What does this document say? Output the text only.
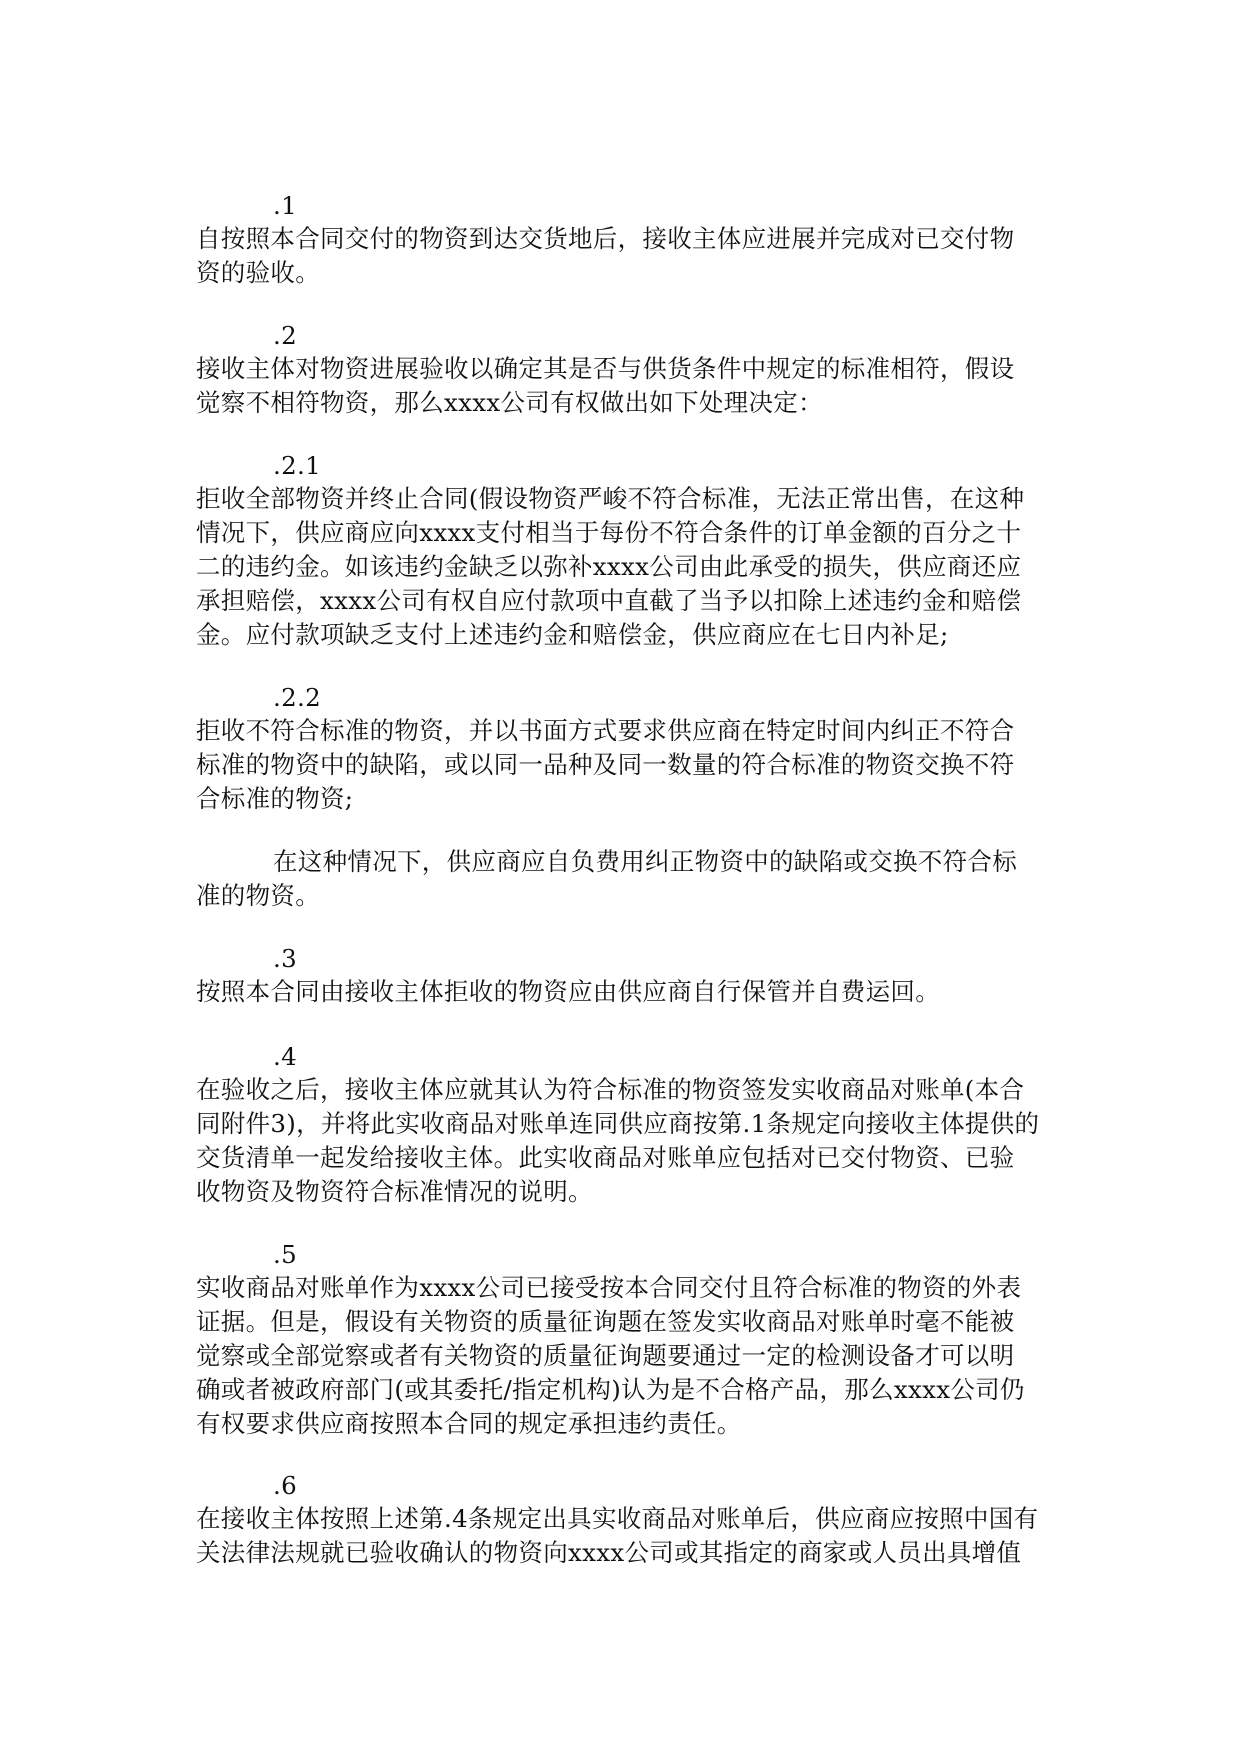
.1
自按照本合同交付的物资到达交货地后，接收主体应进展并完成对已交付物
资的验收。
.2
接收主体对物资进展验收以确定其是否与供货条件中规定的标准相符，假设
觉察不相符物资，那么xxxx公司有权做出如下处理决定：
.2.1
拒收全部物资并终止合同(假设物资严峻不符合标准，无法正常出售，在这种
情况下，供应商应向xxxx支付相当于每份不符合条件的订单金额的百分之十
二的违约金。如该违约金缺乏以弥补xxxx公司由此承受的损失，供应商还应
承担赔偿，xxxx公司有权自应付款项中直截了当予以扣除上述违约金和赔偿
金。应付款项缺乏支付上述违约金和赔偿金，供应商应在七日内补足;
.2.2
拒收不符合标准的物资，并以书面方式要求供应商在特定时间内纠正不符合
标准的物资中的缺陷，或以同一品种及同一数量的符合标准的物资交换不符
合标准的物资;
在这种情况下，供应商应自负费用纠正物资中的缺陷或交换不符合标
准的物资。
.3
按照本合同由接收主体拒收的物资应由供应商自行保管并自费运回。
.4
在验收之后，接收主体应就其认为符合标准的物资签发实收商品对账单(本合
同附件3)，并将此实收商品对账单连同供应商按第.1条规定向接收主体提供的
交货清单一起发给接收主体。此实收商品对账单应包括对已交付物资、已验
收物资及物资符合标准情况的说明。
.5
实收商品对账单作为xxxx公司已接受按本合同交付且符合标准的物资的外表
证据。但是，假设有关物资的质量征询题在签发实收商品对账单时毫不能被
觉察或全部觉察或者有关物资的质量征询题要通过一定的检测设备才可以明
确或者被政府部门(或其委托/指定机构)认为是不合格产品，那么xxxx公司仍
有权要求供应商按照本合同的规定承担违约责任。
.6
在接收主体按照上述第.4条规定出具实收商品对账单后，供应商应按照中国有
关法律法规就已验收确认的物资向xxxx公司或其指定的商家或人员出具增值
